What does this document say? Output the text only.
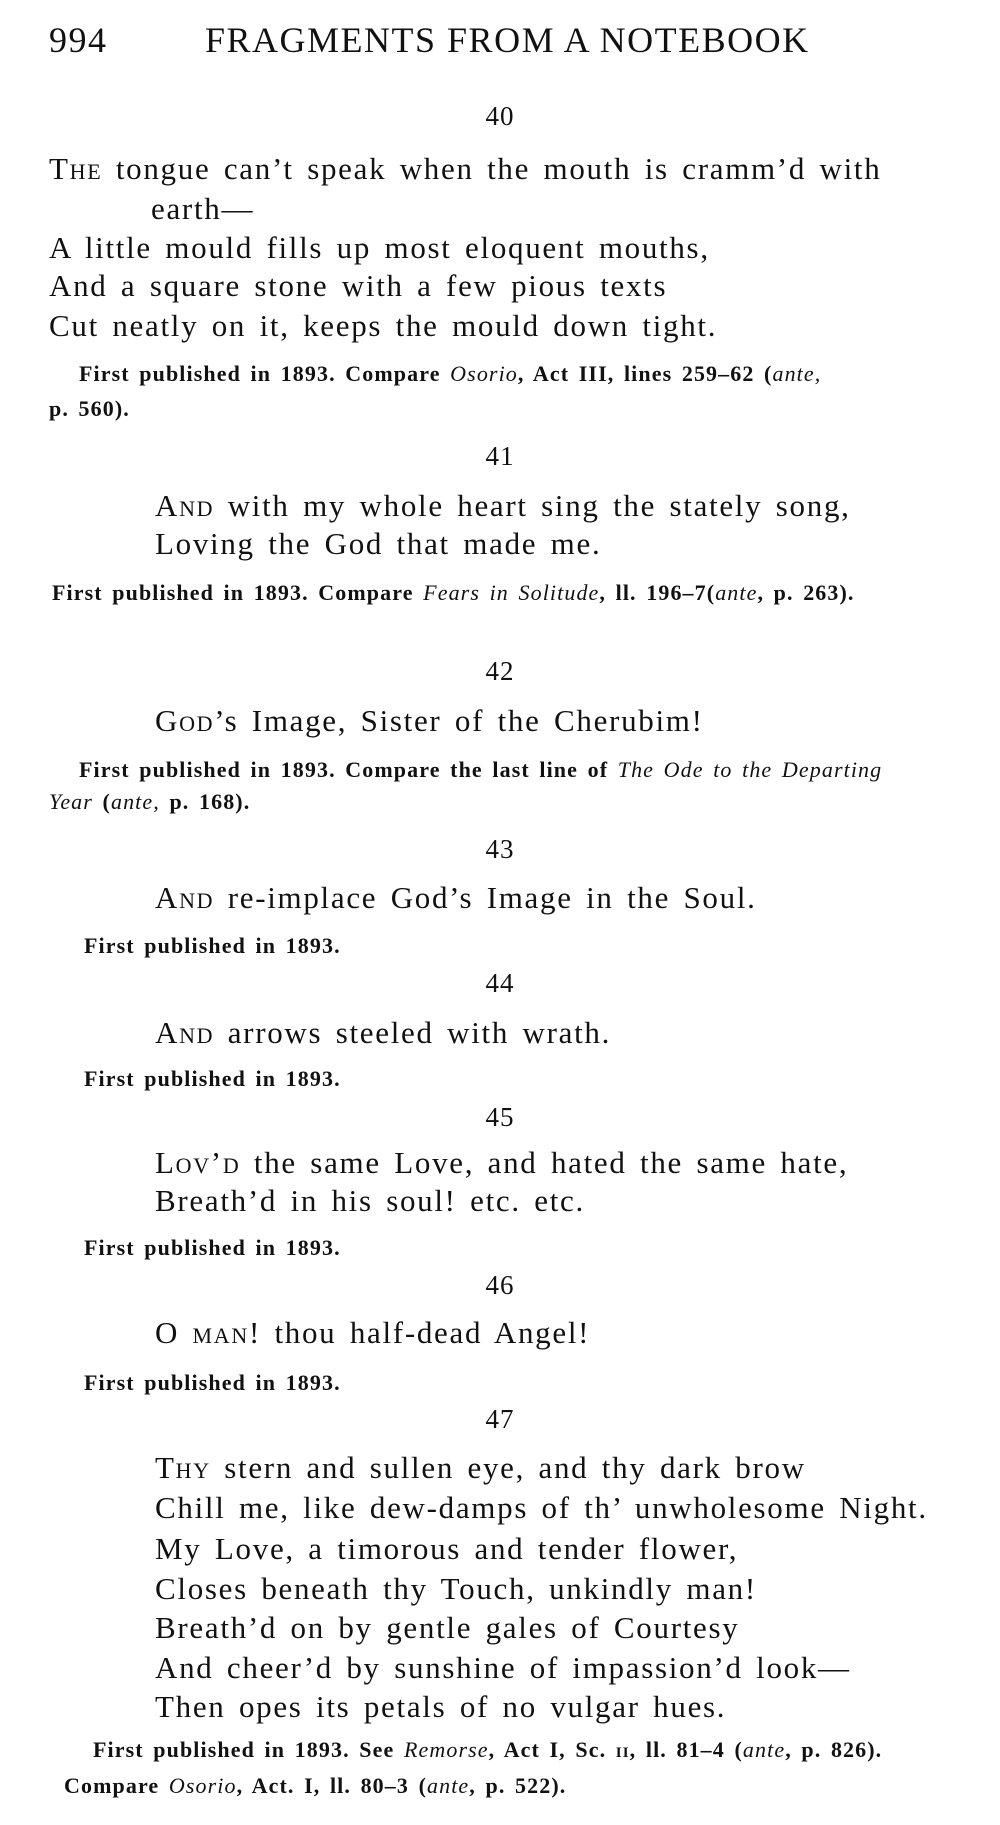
994	FRAGMENTS FROM A NOTEBOOK
40
The tongue can’t speak when the mouth is cramm’d with
earth—
A little mould fills up most eloquent mouths,
And a square stone with a few pious texts
Cut neatly on it, keeps the mould down tight.
First published in 1893. Compare Osorio, Act III, lines 259–62 (ante,
p. 560).
41
And with my whole heart sing the stately song,
Loving the God that made me.
First published in 1893. Compare Fears in Solitude, ll. 196–7(ante, p. 263).
42
God’s Image, Sister of the Cherubim!
First published in 1893. Compare the last line of The Ode to the Departing
Year (ante, p. 168).
43
And re-implace God’s Image in the Soul.
First published in 1893.
44
And arrows steeled with wrath.
First published in 1893.
45
Lov’d the same Love, and hated the same hate,
Breath’d in his soul! etc. etc.
First published in 1893.
46
O man! thou half-dead Angel!
First published in 1893.
47
Thy stern and sullen eye, and thy dark brow
Chill me, like dew-damps of th’ unwholesome Night.
My Love, a timorous and tender flower,
Closes beneath thy Touch, unkindly man!
Breath’d on by gentle gales of Courtesy
And cheer’d by sunshine of impassion’d look—
Then opes its petals of no vulgar hues.
First published in 1893. See Remorse, Act I, Sc. ii, ll. 81–4 (ante, p. 826).
Compare Osorio, Act. I, ll. 80–3 (ante, p. 522).
